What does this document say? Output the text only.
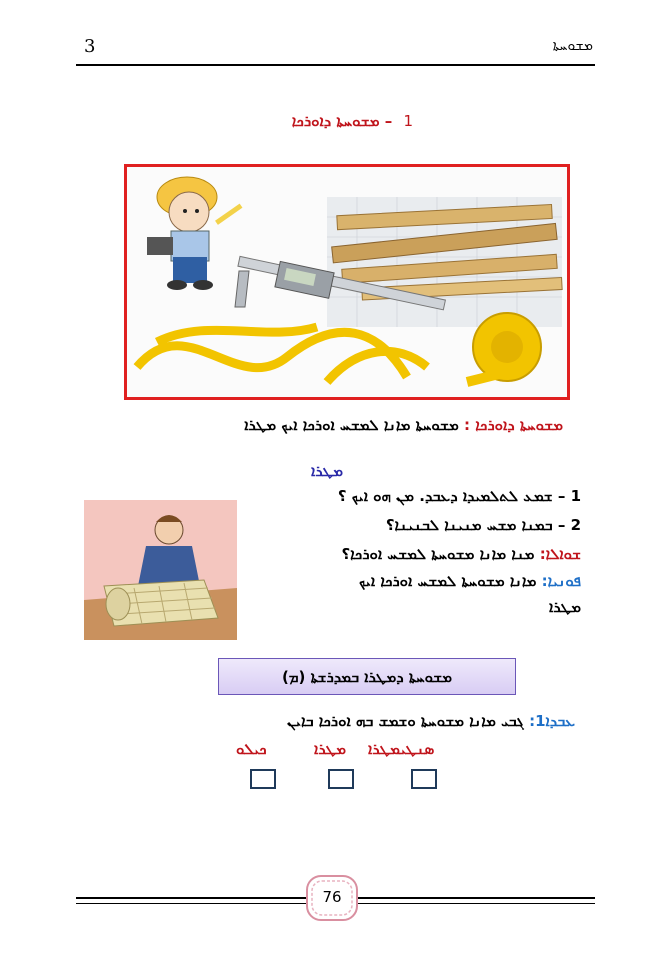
3	ܡܫܘܚܬܐ
1 – ܡܫܘܚܬܐ ܕܐܘܪܟܐ
ܡܫܘܚܬܐ ܕܐܘܪܟܐ : ܡܫܘܚܬܐ ܡܐܢܐ ܠܡܫܚ ܐܘܪܟܐ ܐܝܟ ܡܛܪܐ
ܡܛܪܐ
1 – ܫܡܥ ܠܬܠܡܝܕܐ ܕܥܒܕ. ܡܢ ܗܘ ܐܝܟ ؟
2 – ܒܡܢܐ ܡܫܚ ܡܢܝܢܐ ܠܒܢܝܢܐ؟
ܫܘܐܠܐ: ܡܢܐ ܡܐܢܐ ܡܫܘܚܬܐ ܠܡܫܚ ܐܘܪܟܐ؟
ܦܘܢܝܐ: ܡܐܢܐ ܡܫܘܚܬܐ ܠܡܫܚ ܐܘܪܟܐ ܐܝܟ
ܡܛܪܐ
ܡܫܘܚܬܐ ܕܡܛܪܐ ܒܡܕܪܫܬܐ (ܡ)
ܥܒܕܐ1: ܓܒܝ ܡܐܢܐ ܡܫܘܚܬܐ ܘܫܡܫ ܒܗ ܐܘܪܟܐ ܒܐܝܢ
ܣܢܛܝܡܛܪܐ
ܡܛܪܐ
ܟܝܠܘ
76
